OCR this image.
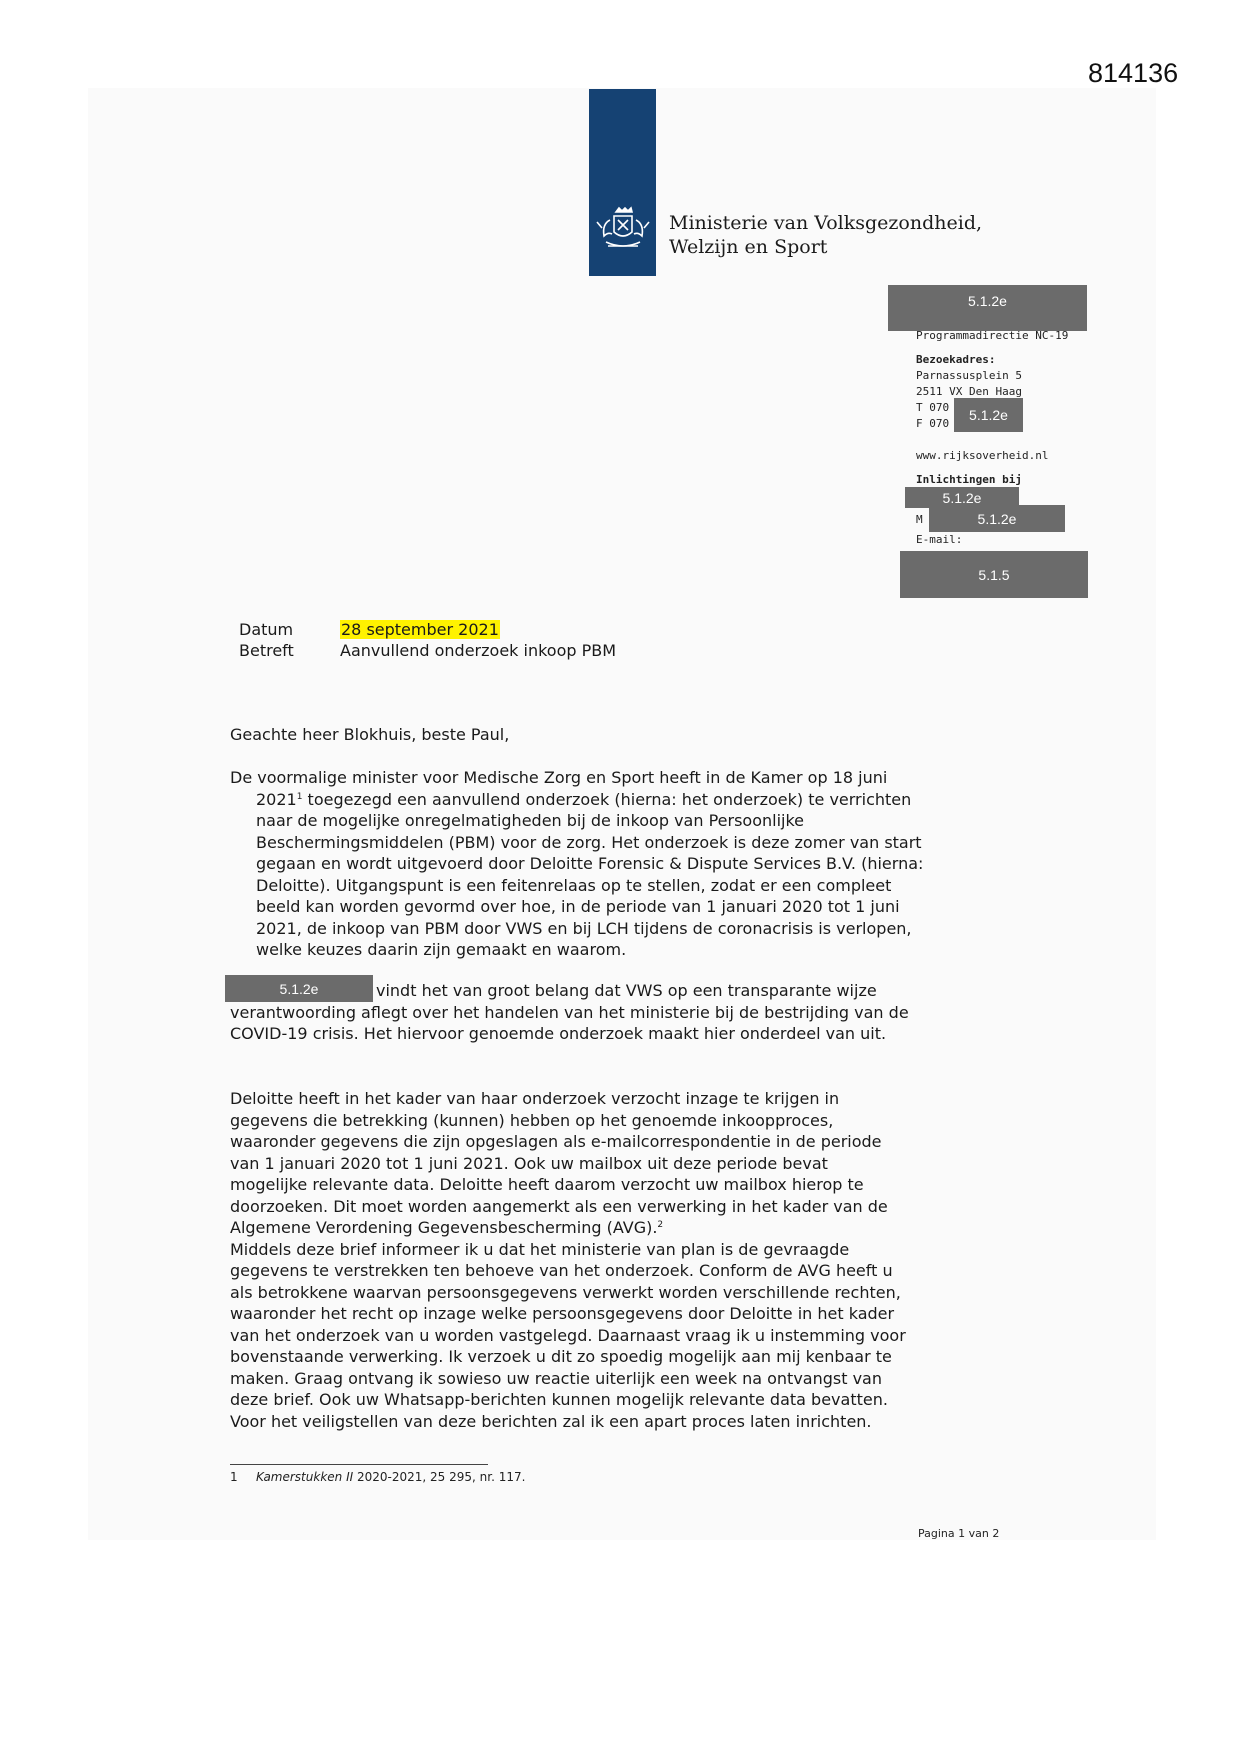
814136
Ministerie van Volksgezondheid,
Welzijn en Sport
5.1.2e
Programmadirectie NC-19
Bezoekadres:
Parnassusplein 5
2511 VX Den Haag
T 070
F 070
5.1.2e
www.rijksoverheid.nl
Inlichtingen bij
5.1.2e
M	5.1.2e
E-mail:
5.1.5
Datum	28 september 2021
Betreft	Aanvullend onderzoek inkoop PBM

Geachte heer Blokhuis, beste Paul,

De voormalige minister voor Medische Zorg en Sport heeft in de Kamer op 18 juni 2021$^1$ toegezegd een aanvullend onderzoek (hierna: het onderzoek) te verrichten naar de mogelijke onregelmatigheden bij de inkoop van Persoonlijke Beschermingsmiddelen (PBM) voor de zorg. Het onderzoek is deze zomer van start gegaan en wordt uitgevoerd door Deloitte Forensic & Dispute Services B.V. (hierna: Deloitte). Uitgangspunt is een feitenrelaas op te stellen, zodat er een compleet beeld kan worden gevormd over hoe, in de periode van 1 januari 2020 tot 1 juni 2021, de inkoop van PBM door VWS en bij LCH tijdens de coronacrisis is verlopen, welke keuzes daarin zijn gemaakt en waarom.

5.1.2e	vindt het van groot belang dat VWS op een transparante wijze
verantwoording aflegt over het handelen van het ministerie bij de bestrijding van de COVID-19 crisis. Het hiervoor genoemde onderzoek maakt hier onderdeel van uit.

Deloitte heeft in het kader van haar onderzoek verzocht inzage te krijgen in gegevens die betrekking (kunnen) hebben op het genoemde inkoopproces, waaronder gegevens die zijn opgeslagen als e-mailcorrespondentie in de periode van 1 januari 2020 tot 1 juni 2021. Ook uw mailbox uit deze periode bevat mogelijke relevante data. Deloitte heeft daarom verzocht uw mailbox hierop te doorzoeken. Dit moet worden aangemerkt als een verwerking in het kader van de Algemene Verordening Gegevensbescherming (AVG).$^2$
Middels deze brief informeer ik u dat het ministerie van plan is de gevraagde gegevens te verstrekken ten behoeve van het onderzoek. Conform de AVG heeft u als betrokkene waarvan persoonsgegevens verwerkt worden verschillende rechten, waaronder het recht op inzage welke persoonsgegevens door Deloitte in het kader van het onderzoek van u worden vastgelegd. Daarnaast vraag ik u instemming voor bovenstaande verwerking. Ik verzoek u dit zo spoedig mogelijk aan mij kenbaar te maken. Graag ontvang ik sowieso uw reactie uiterlijk een week na ontvangst van deze brief. Ook uw Whatsapp-berichten kunnen mogelijk relevante data bevatten. Voor het veiligstellen van deze berichten zal ik een apart proces laten inrichten.

1 Kamerstukken II 2020-2021, 25 295, nr. 117.
Pagina 1 van 2
